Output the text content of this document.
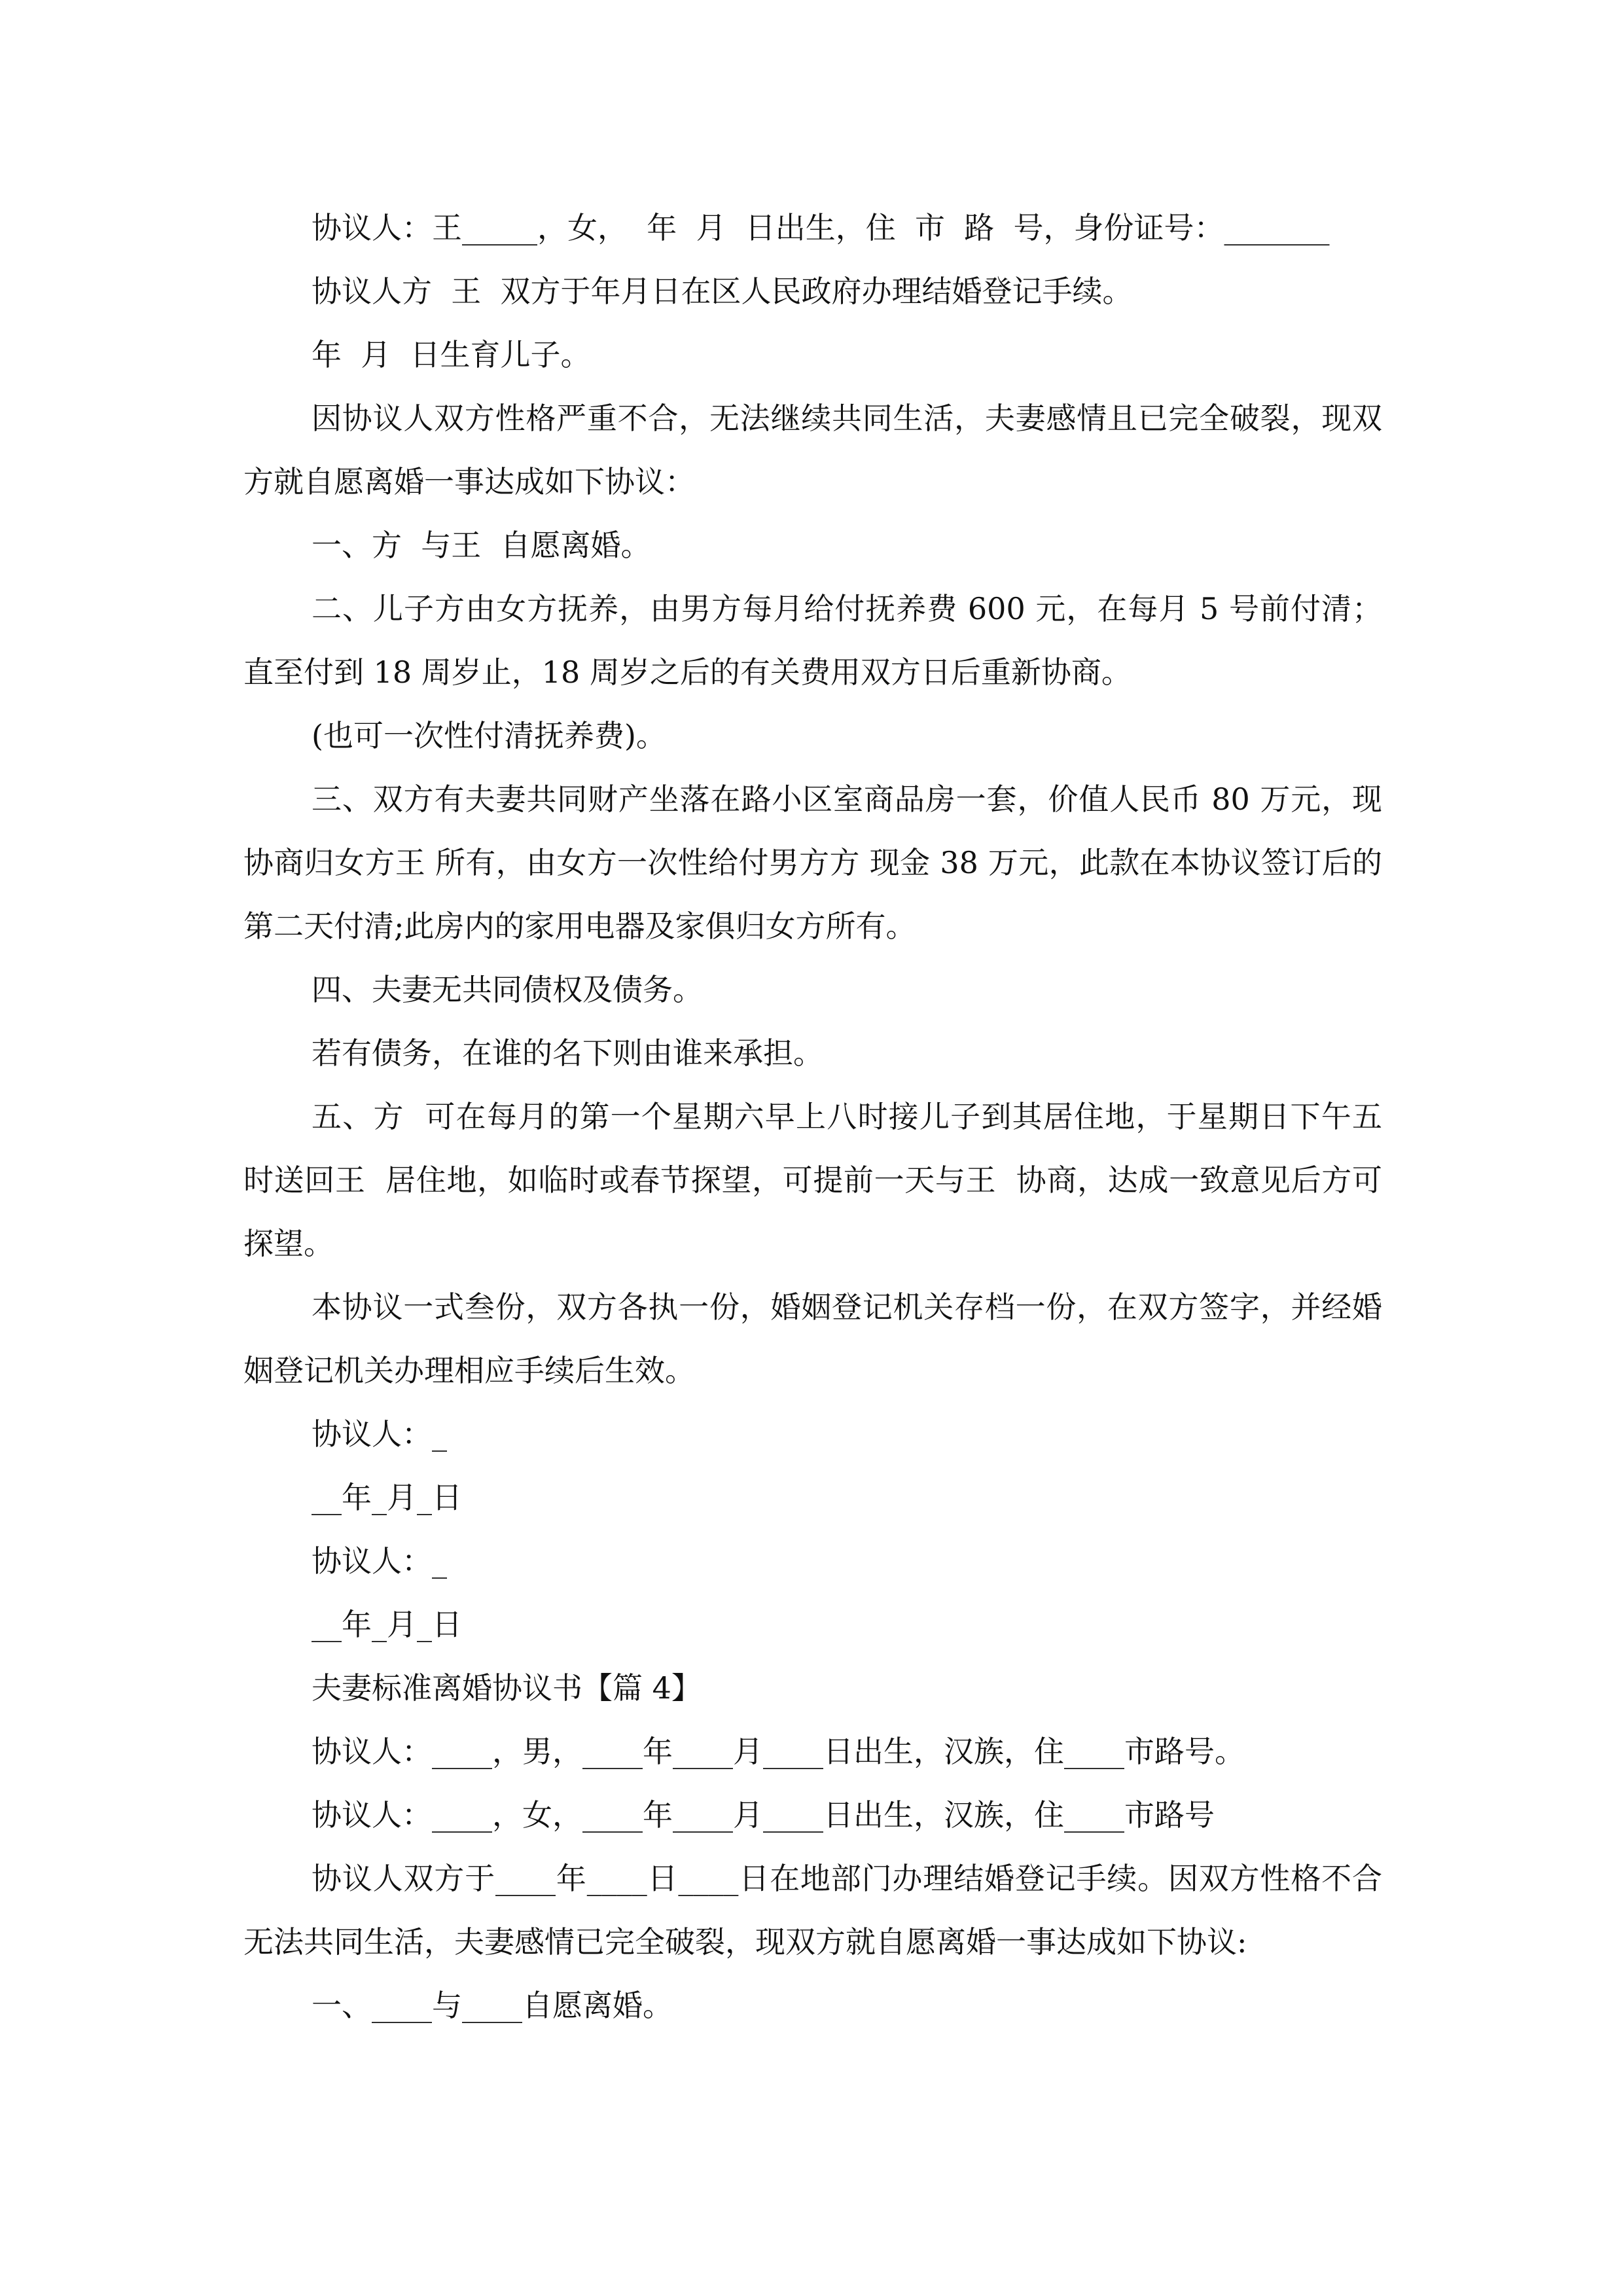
协议人：王_____，女，  年  月  日出生，住  市  路  号，身份证号：_______

协议人方  王  双方于年月日在区人民政府办理结婚登记手续。

年  月  日生育儿子。

因协议人双方性格严重不合，无法继续共同生活，夫妻感情且已完全破裂，现双方就自愿离婚一事达成如下协议：

一、方  与王  自愿离婚。

二、儿子方由女方抚养，由男方每月给付抚养费 600 元，在每月 5 号前付清；直至付到 18 周岁止，18 周岁之后的有关费用双方日后重新协商。

(也可一次性付清抚养费)。

三、双方有夫妻共同财产坐落在路小区室商品房一套，价值人民币 80 万元，现协商归女方王 所有，由女方一次性给付男方方 现金 38 万元，此款在本协议签订后的第二天付清;此房内的家用电器及家俱归女方所有。

四、夫妻无共同债权及债务。

若有债务，在谁的名下则由谁来承担。

五、方  可在每月的第一个星期六早上八时接儿子到其居住地，于星期日下午五时送回王  居住地，如临时或春节探望，可提前一天与王  协商，达成一致意见后方可探望。

本协议一式叁份，双方各执一份，婚姻登记机关存档一份，在双方签字，并经婚姻登记机关办理相应手续后生效。

协议人：_

__年_月_日

协议人：_

__年_月_日

夫妻标准离婚协议书【篇 4】

协议人：____，男，____年____月____日出生，汉族，住____市路号。

协议人：____，女，____年____月____日出生，汉族，住____市路号

协议人双方于____年____日____日在地部门办理结婚登记手续。因双方性格不合无法共同生活，夫妻感情已完全破裂，现双方就自愿离婚一事达成如下协议:

一、____与____自愿离婚。
